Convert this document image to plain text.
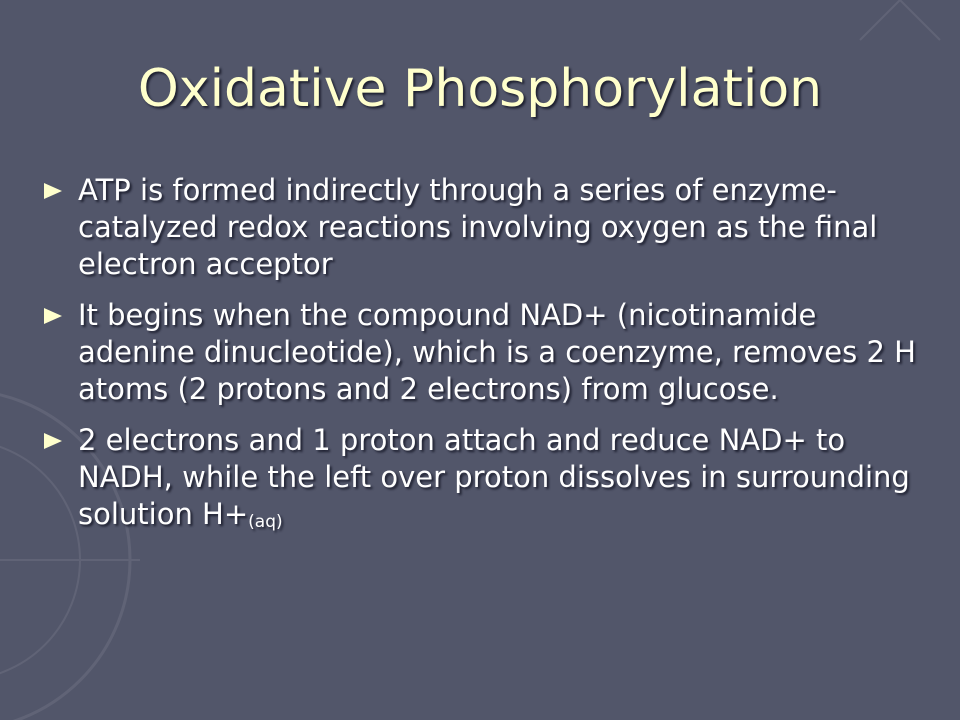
Oxidative Phosphorylation
ATP is formed indirectly through a series of enzyme-catalyzed redox reactions involving oxygen as the final electron acceptor
It begins when the compound NAD+ (nicotinamide adenine dinucleotide), which is a coenzyme, removes 2 H atoms (2 protons and 2 electrons) from glucose.
2 electrons and 1 proton attach and reduce NAD+ to NADH, while the left over proton dissolves in surrounding solution H+(aq)
